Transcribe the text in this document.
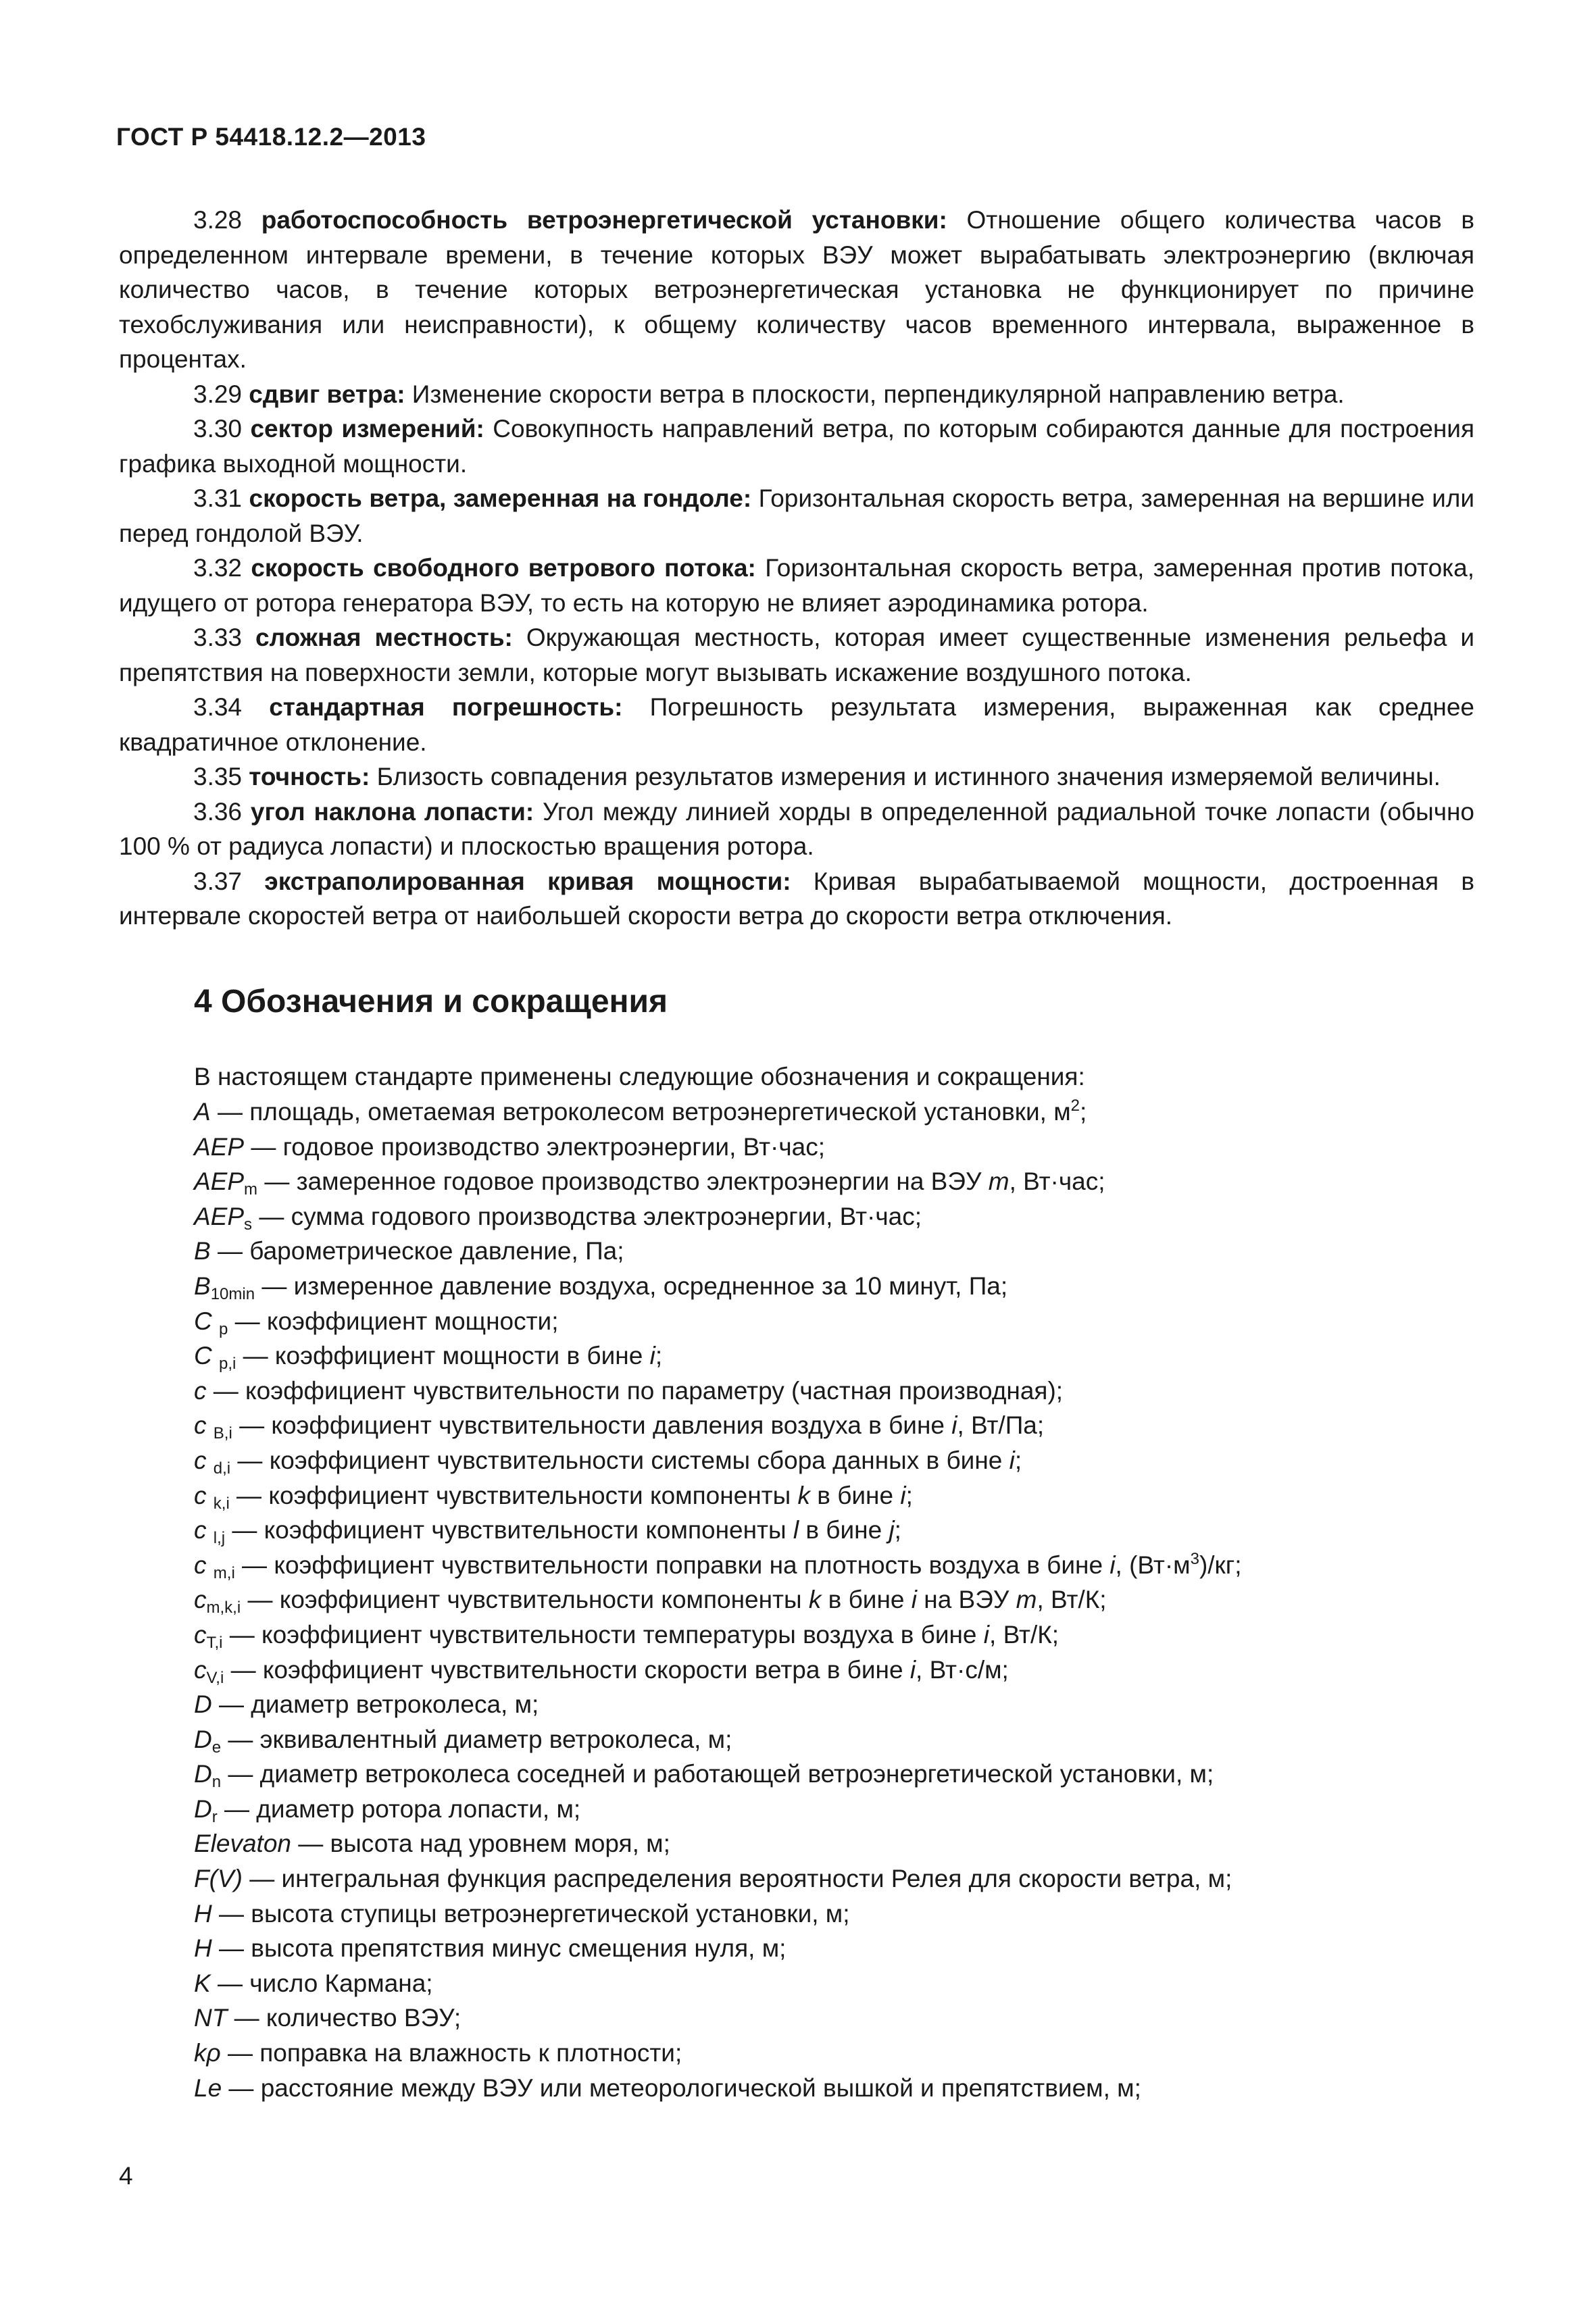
ГОСТ Р 54418.12.2—2013

3.28 работоспособность ветроэнергетической установки: Отношение общего количества часов в определенном интервале времени, в течение которых ВЭУ может вырабатывать электроэнергию (включая количество часов, в течение которых ветроэнергетическая установка не функционирует по причине техобслуживания или неисправности), к общему количеству часов временного интервала, выраженное в процентах.

3.29 сдвиг ветра: Изменение скорости ветра в плоскости, перпендикулярной направлению ветра.

3.30 сектор измерений: Совокупность направлений ветра, по которым собираются данные для построения графика выходной мощности.

3.31 скорость ветра, замеренная на гондоле: Горизонтальная скорость ветра, замеренная на вершине или перед гондолой ВЭУ.

3.32 скорость свободного ветрового потока: Горизонтальная скорость ветра, замеренная против потока, идущего от ротора генератора ВЭУ, то есть на которую не влияет аэродинамика ротора.

3.33 сложная местность: Окружающая местность, которая имеет существенные изменения рельефа и препятствия на поверхности земли, которые могут вызывать искажение воздушного потока.

3.34 стандартная погрешность: Погрешность результата измерения, выраженная как среднее квадратичное отклонение.

3.35 точность: Близость совпадения результатов измерения и истинного значения измеряемой величины.

3.36 угол наклона лопасти: Угол между линией хорды в определенной радиальной точке лопасти (обычно 100 % от радиуса лопасти) и плоскостью вращения ротора.

3.37 экстраполированная кривая мощности: Кривая вырабатываемой мощности, достроенная в интервале скоростей ветра от наибольшей скорости ветра до скорости ветра отключения.

4 Обозначения и сокращения

В настоящем стандарте применены следующие обозначения и сокращения:

A — площадь, ометаемая ветроколесом ветроэнергетической установки, $м^2$;
AEP — годовое производство электроэнергии, Вт·час;
$AEP_m$ — замеренное годовое производство электроэнергии на ВЭУ m, Вт·час;
$AEP_s$ — сумма годового производства электроэнергии, Вт·час;
B — барометрическое давление, Па;
$B_{10min}$ — измеренное давление воздуха, осредненное за 10 минут, Па;
C $_p$ — коэффициент мощности;
C $_{p,i}$ — коэффициент мощности в бине i;
c — коэффициент чувствительности по параметру (частная производная);
c $_{B,i}$ — коэффициент чувствительности давления воздуха в бине i, Вт/Па;
c $_{d,i}$ — коэффициент чувствительности системы сбора данных в бине i;
c $_{k,i}$ — коэффициент чувствительности компоненты k в бине i;
c $_{l,j}$ — коэффициент чувствительности компоненты l в бине j;
c $_{m,i}$ — коэффициент чувствительности поправки на плотность воздуха в бине i, $(Вт\cdot м^3)/кг$;
$c_{m,k,i}$ — коэффициент чувствительности компоненты k в бине i на ВЭУ m, Вт/К;
$c_{T,i}$ — коэффициент чувствительности температуры воздуха в бине i, Вт/К;
$c_{V,i}$ — коэффициент чувствительности скорости ветра в бине i, Вт·с/м;
D — диаметр ветроколеса, м;
$D_e$ — эквивалентный диаметр ветроколеса, м;
$D_n$ — диаметр ветроколеса соседней и работающей ветроэнергетической установки, м;
$D_r$ — диаметр ротора лопасти, м;
Elevaton — высота над уровнем моря, м;
F(V) — интегральная функция распределения вероятности Релея для скорости ветра, м;
H — высота ступицы ветроэнергетической установки, м;
H — высота препятствия минус смещения нуля, м;
K — число Кармана;
NT — количество ВЭУ;
kρ — поправка на влажность к плотности;
Le — расстояние между ВЭУ или метеорологической вышкой и препятствием, м;

4
